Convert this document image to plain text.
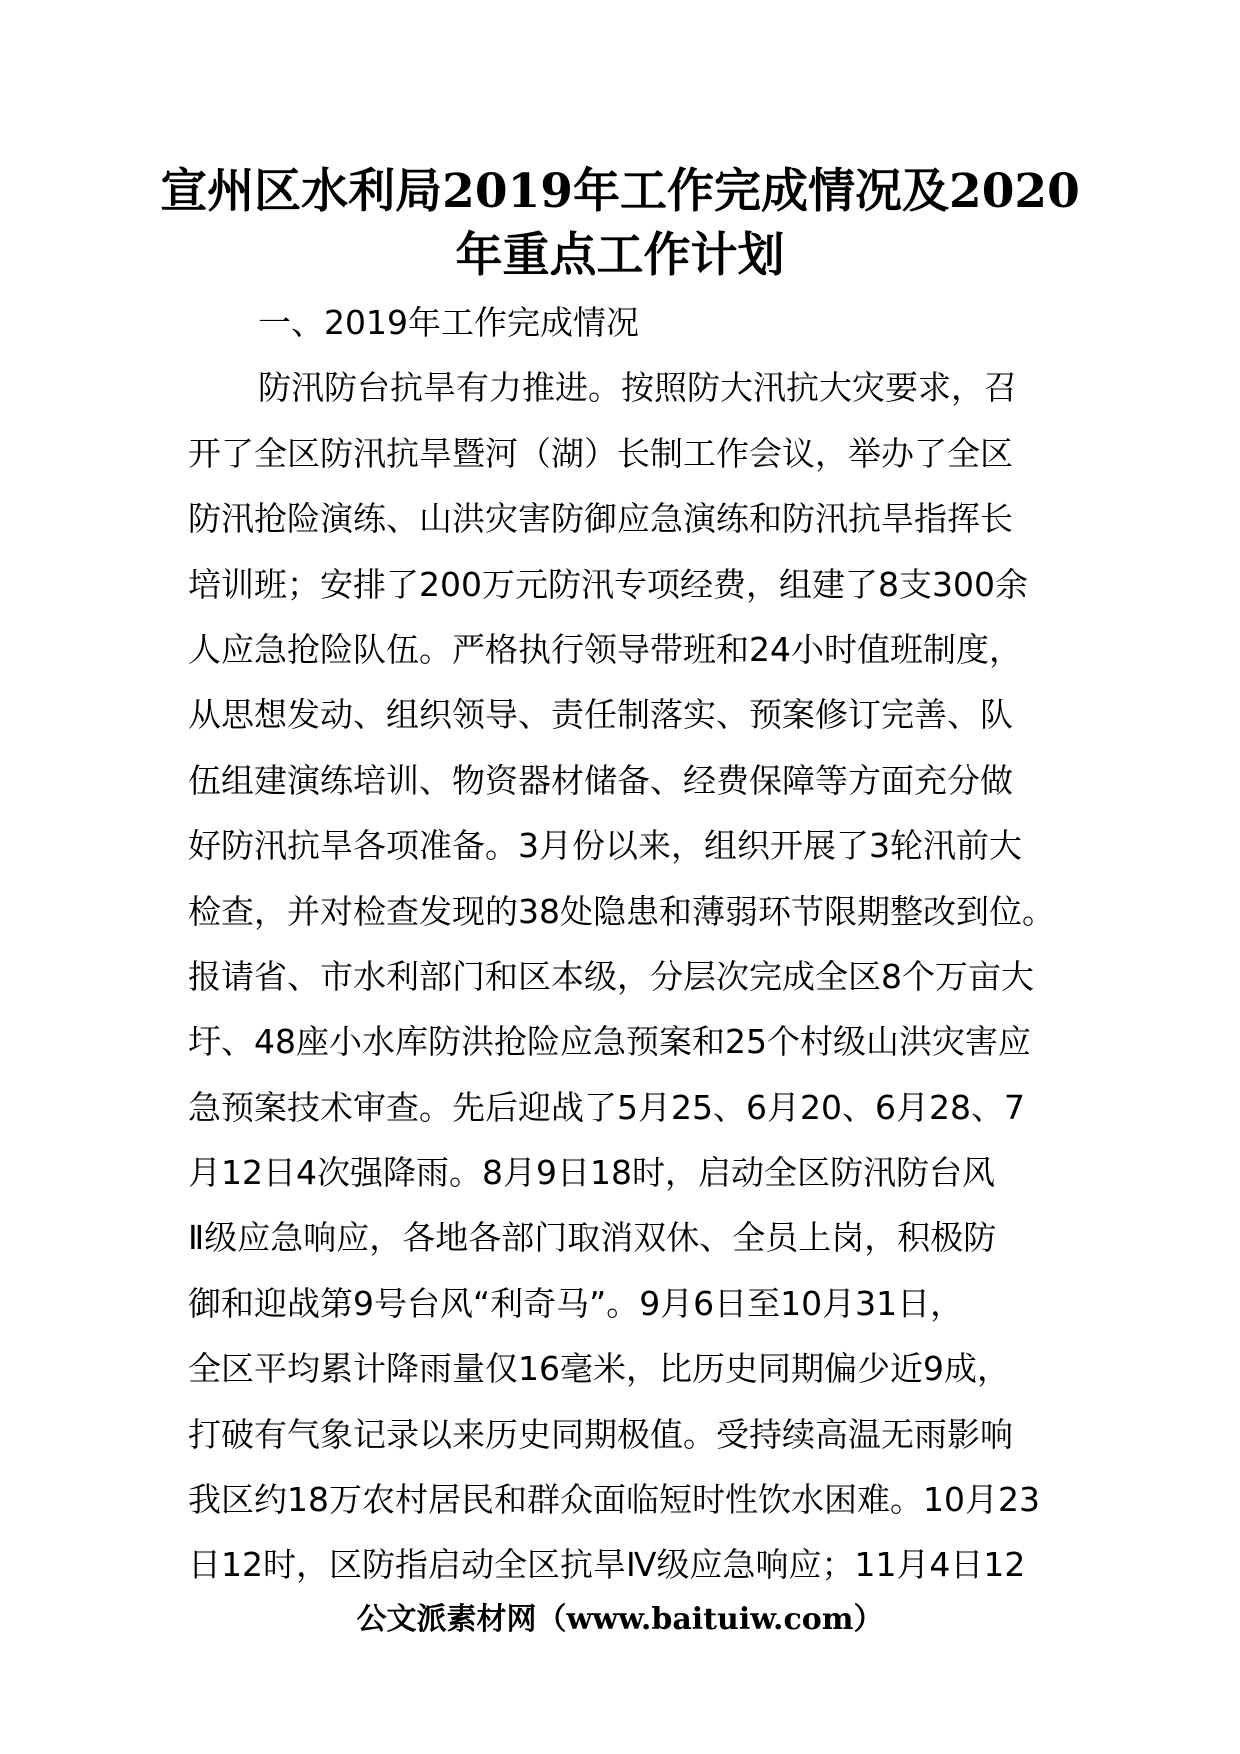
宣州区水利局2019年工作完成情况及2020
年重点工作计划
一、2019年工作完成情况
防汛防台抗旱有力推进。按照防大汛抗大灾要求，召
开了全区防汛抗旱暨河（湖）长制工作会议，举办了全区
防汛抢险演练、山洪灾害防御应急演练和防汛抗旱指挥长
培训班；安排了200万元防汛专项经费，组建了8支300余
人应急抢险队伍。严格执行领导带班和24小时值班制度，
从思想发动、组织领导、责任制落实、预案修订完善、队
伍组建演练培训、物资器材储备、经费保障等方面充分做
好防汛抗旱各项准备。3月份以来，组织开展了3轮汛前大
检查，并对检查发现的38处隐患和薄弱环节限期整改到位。
报请省、市水利部门和区本级，分层次完成全区8个万亩大
圩、48座小水库防洪抢险应急预案和25个村级山洪灾害应
急预案技术审查。先后迎战了5月25、6月20、6月28、7
月12日4次强降雨。8月9日18时，启动全区防汛防台风
Ⅱ级应急响应，各地各部门取消双休、全员上岗，积极防
御和迎战第9号台风“利奇马”。9月6日至10月31日，
全区平均累计降雨量仅16毫米，比历史同期偏少近9成，
打破有气象记录以来历史同期极值。受持续高温无雨影响
我区约18万农村居民和群众面临短时性饮水困难。10月23
日12时，区防指启动全区抗旱Ⅳ级应急响应；11月4日12
公文派素材网（www.baituiw.com）
